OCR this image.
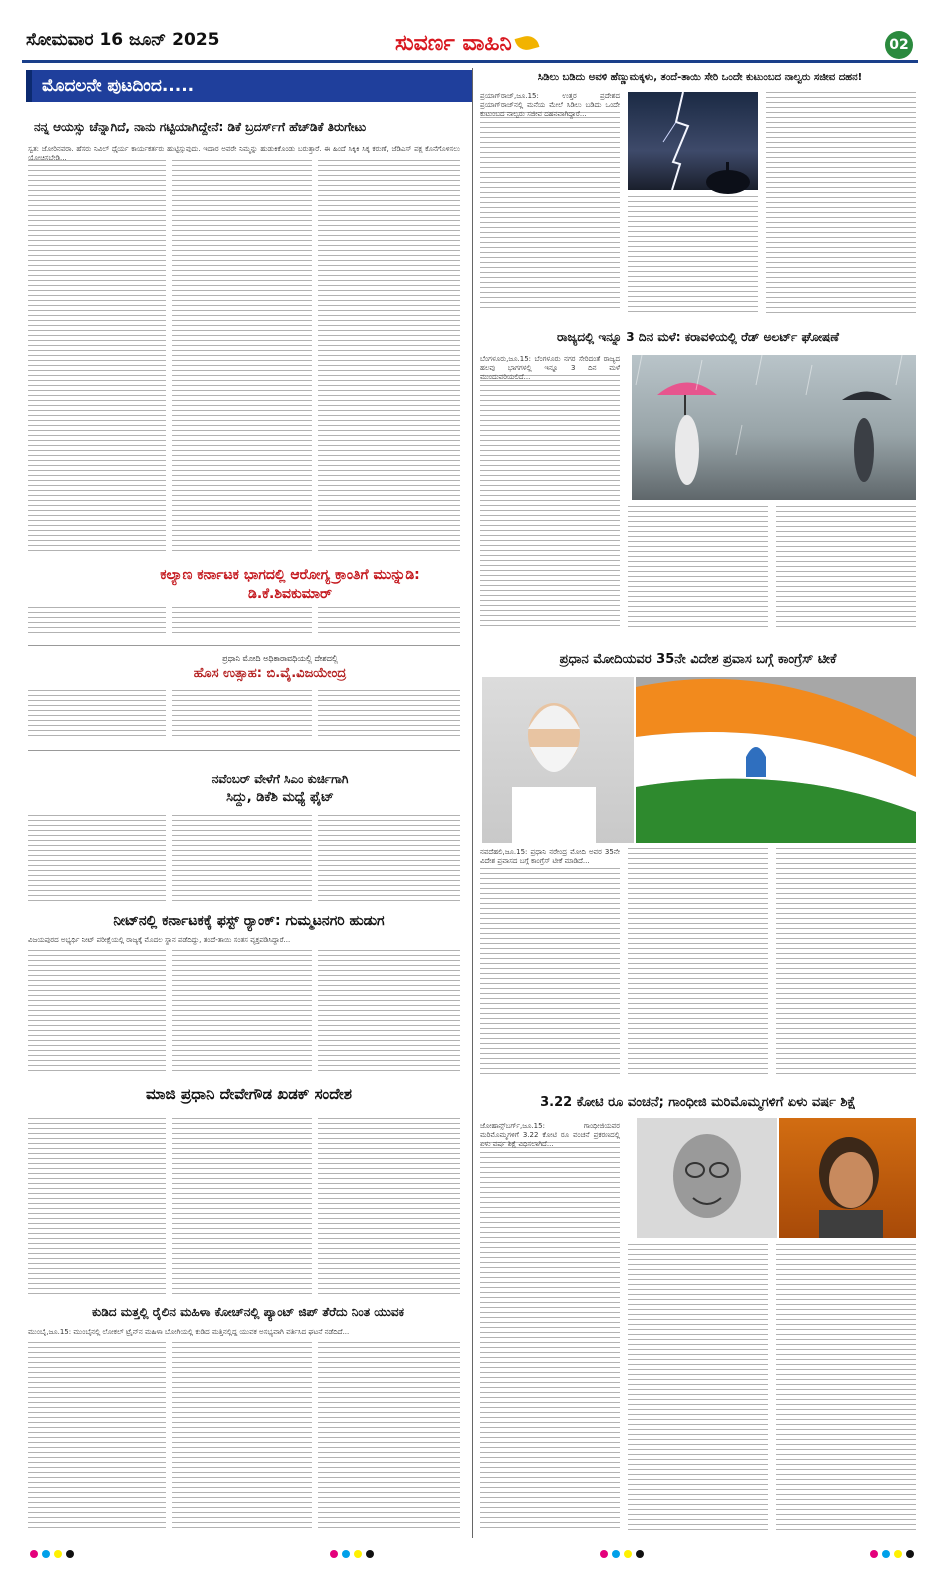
ಸೋಮವಾರ 16 ಜೂನ್ 2025	ಸುವರ್ಣ ವಾಹಿನಿ	02
ಮೊದಲನೇ ಪುಟದಿಂದ.....
ನನ್ನ ಆಯಸ್ಸು ಚೆನ್ನಾಗಿದೆ, ನಾನು ಗಟ್ಟಿಯಾಗಿದ್ದೇನೆ: ಡಿಕೆ ಬ್ರದರ್ಸ್‌ಗೆ ಹೆಚ್‌ಡಿಕೆ ತಿರುಗೇಟು
ಸ್ವತ: ಜೋರಿನವರಾ. ಹೆಸರು ನಿವಿಲ್ ಧೈರ್ಯ ಕಾರ್ಯಕರ್ತರು ಹುಟ್ಟಿಸ್ಸುವುದು. ಇದಾರ ಅವರೇ ನಿಮ್ಮನ್ನು ಹುಡುಕಿಕೊಂಡು ಬರುತ್ತಾರೆ. ಈ ಹಿಂದೆ ಸಿಕ್ಕಿಕಿ ಸಿಕ್ಕ ಕರುಣೆ, ಜೆಡಿಎಸ್ ಪಕ್ಷ ಕೊನೆಗೊಳಿಸಲು ಯೋಚಿಸಬೇಡಿ...
ಕಲ್ಯಾಣ ಕರ್ನಾಟಕ ಭಾಗದಲ್ಲಿ ಆರೋಗ್ಯ ಕ್ರಾಂತಿಗೆ ಮುನ್ನುಡಿ: ಡಿ.ಕೆ.ಶಿವಕುಮಾರ್
ಪ್ರಧಾನಿ ಮೋದಿ ಅಧಿಕಾರಾವಧಿಯಲ್ಲಿ ದೇಶದಲ್ಲಿ
ಹೊಸ ಉತ್ಸಾಹ: ಬಿ.ವೈ.ವಿಜಯೇಂದ್ರ
ನವೆಂಬರ್ ವೇಳೆಗೆ ಸಿಎಂ ಕುರ್ಚಿಗಾಗಿ
ಸಿದ್ದು, ಡಿಕೆಶಿ ಮಧ್ಯೆ ಫೈಟ್
ನೀಟ್‌ನಲ್ಲಿ ಕರ್ನಾಟಕಕ್ಕೆ ಫಸ್ಟ್ ರ‍್ಯಾಂಕ್: ಗುಮ್ಮಟನಗರಿ ಹುಡುಗ
ವಿಜಯಪುರದ ಅಭ್ಯರ್ಥಿ ನೀಟ್ ಪರೀಕ್ಷೆಯಲ್ಲಿ ರಾಜ್ಯಕ್ಕೆ ಮೊದಲ ಸ್ಥಾನ ಪಡೆದಿದ್ದು, ತಂದೆ-ತಾಯಿ ಸಂತಸ ವ್ಯಕ್ತಪಡಿಸಿದ್ದಾರೆ...
ಮಾಜಿ ಪ್ರಧಾನಿ ದೇವೇಗೌಡ ಖಡಕ್ ಸಂದೇಶ
ಕುಡಿದ ಮತ್ತಲ್ಲಿ ರೈಲಿನ ಮಹಿಳಾ ಕೋಚ್‌ನಲ್ಲಿ ಪ್ಯಾಂಟ್ ಜಿಪ್ ತೆರೆದು ನಿಂತ ಯುವಕ
ಮುಂಬೈ,ಜೂ.15: ಮುಂಬೈನಲ್ಲಿ ಲೋಕಲ್ ಟ್ರೈನ್‌ನ ಮಹಿಳಾ ಬೋಗಿಯಲ್ಲಿ ಕುಡಿದ ಮತ್ತಿನಲ್ಲಿದ್ದ ಯುವಕ ಅಸಭ್ಯವಾಗಿ ವರ್ತಿಸಿದ ಘಟನೆ ನಡೆದಿದೆ...
ಸಿಡಿಲು ಬಡಿದು ಅವಳಿ ಹೆಣ್ಣುಮಕ್ಕಳು, ತಂದೆ-ತಾಯಿ ಸೇರಿ ಒಂದೇ ಕುಟುಂಬದ ನಾಲ್ವರು ಸಜೀವ ದಹನ!
ಪ್ರಯಾಗ್‌ರಾಜ್,ಜೂ.15: ಉತ್ತರ ಪ್ರದೇಶದ ಪ್ರಯಾಗ್‌ರಾಜ್‌ನಲ್ಲಿ ಮನೆಯ ಮೇಲೆ ಸಿಡಿಲು ಬಡಿದು ಒಂದೇ ಕುಟುಂಬದ ನಾಲ್ವರು ಸಜೀವ ದಹನವಾಗಿದ್ದಾರೆ...
ರಾಜ್ಯದಲ್ಲಿ ಇನ್ನೂ 3 ದಿನ ಮಳೆ: ಕರಾವಳಿಯಲ್ಲಿ ರೆಡ್ ಅಲರ್ಟ್ ಘೋಷಣೆ
ಬೆಂಗಳೂರು,ಜೂ.15: ಬೆಂಗಳೂರು ನಗರ ಸೇರಿದಂತೆ ರಾಜ್ಯದ ಹಲವು ಭಾಗಗಳಲ್ಲಿ ಇನ್ನೂ 3 ದಿನ ಮಳೆ ಮುಂದುವರಿಯಲಿದೆ...
ಪ್ರಧಾನ ಮೋದಿಯವರ 35ನೇ ವಿದೇಶ ಪ್ರವಾಸ ಬಗ್ಗೆ ಕಾಂಗ್ರೆಸ್ ಟೀಕೆ
ನವದೆಹಲಿ,ಜೂ.15: ಪ್ರಧಾನಿ ನರೇಂದ್ರ ಮೋದಿ ಅವರ 35ನೇ ವಿದೇಶ ಪ್ರವಾಸದ ಬಗ್ಗೆ ಕಾಂಗ್ರೆಸ್ ಟೀಕೆ ಮಾಡಿದೆ...
3.22 ಕೋಟಿ ರೂ ವಂಚನೆ; ಗಾಂಧೀಜಿ ಮರಿಮೊಮ್ಮಗಳಿಗೆ ಏಳು ವರ್ಷ ಶಿಕ್ಷೆ
ಜೋಹಾನ್ಸ್‌ಬರ್ಗ್,ಜೂ.15: ಗಾಂಧೀಜಿಯವರ ಮರಿಮೊಮ್ಮಗಳಿಗೆ 3.22 ಕೋಟಿ ರೂ ವಂಚನೆ ಪ್ರಕರಣದಲ್ಲಿ ಏಳು ವರ್ಷ ಶಿಕ್ಷೆ ವಿಧಿಸಲಾಗಿದೆ...
